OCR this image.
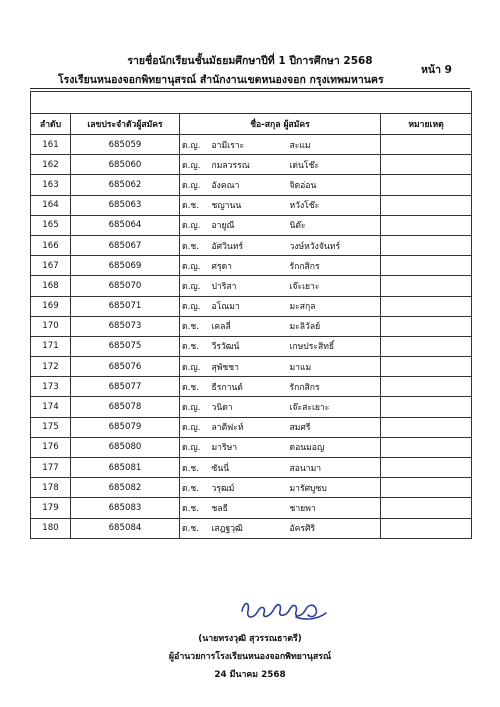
รายชื่อนักเรียนชั้นมัธยมศึกษาปีที่ 1 ปีการศึกษา 2568
หน้า 9
โรงเรียนหนองจอกพิทยานุสรณ์ สำนักงานเขตหนองจอก กรุงเทพมหานคร

ลำดับ	เลขประจำตัวผู้สมัคร	ชื่อ-สกุล ผู้สมัคร		หมายเหตุ
161	685059	ด.ญ.	อามีเราะ สะแม	
162	685060	ด.ญ.	กมลวรรณ เด่นโช๊ะ	
163	685062	ด.ญ.	อังคณา จิตอ่อน	
164	685063	ด.ช.	ชญานน หวังโช๊ะ	
165	685064	ด.ญ.	อายูณี นิต๊ะ	
166	685067	ด.ช.	อัศวินทร์ วงษ์หวังจันทร์	
167	685069	ด.ญ.	ศรุดา รักกสิกร	
168	685070	ด.ญ.	ปาริสา เจ๊ะเยาะ	
169	685071	ด.ญ.	อโณมา มะสกุล	
170	685073	ด.ช.	เคลลี่ มะลิวัลย์	
171	685075	ด.ช.	วีรวัฒน์ เกษประสิทธิ์	
172	685076	ด.ญ.	สุพัชชา มาแม	
173	685077	ด.ช.	ธีรกานต์ รักกสิกร	
174	685078	ด.ญ.	วนิดา เจ๊ะสะเยาะ	
175	685079	ด.ญ.	ลาตีฟะห์ สมศรี	
176	685080	ด.ญ.	มาริษา ดอนมอญ	
177	685081	ด.ช.	ซันนี่ สอนามา	
178	685082	ด.ช.	วรุฒม์ มารัศบูซบ	
179	685083	ด.ช.	ชลธี ชายพา	
180	685084	ด.ช.	เสฎฐวุฒิ อัครศิริ	
(นายทรงวุฒิ สุวรรณธาตรี)
ผู้อำนวยการโรงเรียนหนองจอกพิทยานุสรณ์
24 มีนาคม 2568
